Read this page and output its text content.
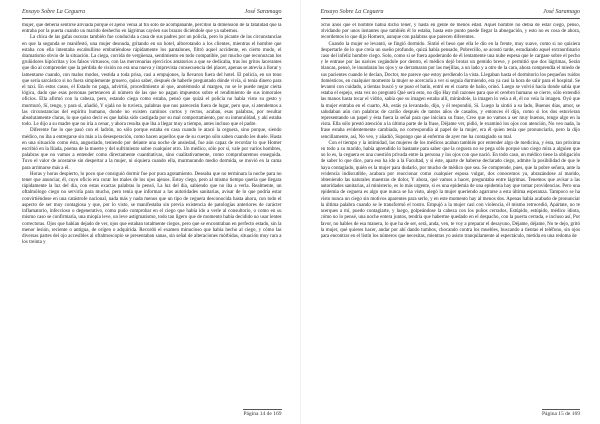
Ensayo Sobre La Ceguera	José Saramago

mujer, que debería sentirse aliviada porque el ajeno venía al fin sólo de acompañante, percibió la dimensión de la fatalidad que la entraba por la puerta cuando un marido deshecho en lágrimas cayóen sus brazos diciéndole que ya sabemos.

La chica de las gafas oscuras también fue conducida a casa de sus padres por un policía, pero lo picante de las circunstancias en que la segunda se manifestó, una mujer desnuda, gritando en un hotel, alborotando a los clientes, mientras el hombre que estaba con ella intentaba escabullirse embutiéndose rápidamente los pantalones, filtró aquel accidente, en cierto modo, el dramatismo obvio de la situación. La ciega, corrida de vergüenza, sentimiento en todo compatible, por mucho que reconozcan los gruñidores hipócritas y los falsos virtuosos, con las mercenarias ejercicios amatorios a que se dedicaba, tras los gritos lacerantes que dio al comprender que la pérdida de visión no era una nueva y imprevista consecuencia del placer, apenas se atrevía a llorar y lamentarse cuando, con malos modos, vestida a toda prisa, casi a empujones, la llevaron fuera del hotel. El policía, en un tono que sería sarcástico si no fuera simplemente grosero, quiso saber, después de haberle preguntado dónde vivía, si tenía dinero para el taxi. En estos casos, el Estado no paga, advirtió, procedimiento al que, anotémoslo al margen, no se le puede negar cierta lógica, dado que esas personas pertenecen al número de las que no pagan impuestos sobre el rendimiento de sus inmorales oficios. Ella afirmó con la cabeza, pero, estando ciega como estaba, pensó que quizá el policía no había visto su gesto y murmuró, Sí, tengo, y para sí, añadió, Y ojalá no lo tuviera, palabras que nos parecerán fuera de lugar, pero que, si atendemos a las circunstancias del espíritu humano, donde no existen caminos cortos y rectos, acaban, esas palabras, por resultar absolutamente claras, lo que quiso decir es que había sido castigada por su mal comportamiento, por su inmoralidad, y ahí estaba todo. Le dijo a su madre que no iría a cenar, y ahora resulta que iba a llegar muy a tiempo, antes incluso que el padre.

Diferente fue lo que pasó con el ladrón, no sólo porque estaba en casa cuando le atacó la ceguera, sino porque, siendo médico, no iba a entregarse sin más a la desesperación, como hacen aquellos que de su cuerpo sólo saben cuando les duele. Hasta en una situación como ésta, angustiado, teniendo por delante una noche de ansiedad, fue aún capaz de recordar lo que Homer escribió en la Ilíada, poema de la muerte y del sufrimiento sobre cualquier otro. Un médico, sólo por sí, vale por varios hombres, palabras que no vamos a entender como directamente cuantitativas, sino cualitativamente, como comprobaremos enseguida. Tuvo el valor de acostarse sin despertar a la mujer, ni siquiera cuando ella, murmurando medio dormida, se movió en la cama para arrimarse más a él.

Horas y horas despierto, lo poco que consiguió dormir fue por pura agotamiento. Deseaba que no terminara la noche para no tener que anunciar, él, cuyo oficio era curar los males de los ojos ajenos. Estoy ciego, pero al mismo tiempo quería que llegara rápidamente la luz del día, con estas exactas palabras lo pensó, La luz del día, sabiendo que no iba a verla. Realmente, un oftalmólogo ciego no serviría para mucho, pero tenía que informar a las autoridades sanitarias, avisar de lo que podría estar convirtiéndose en una catástrofe nacional, nada más y nada menos que un tipo de ceguera desconocida hasta ahora, con todo el aspecto de ser muy contagiosa y que, por lo visto, se manifestaba sin previa existencia de patologías anteriores de carácter inflamatorio, infeccioso o degenerativo, como pudo comprobar en el ciego que había ido a verle al consultorio, o como en su mismo caso se confirmaría, una miopía leve, un leve astigmatismo, todo tan ligero que de momento había decidido no usar lentes correctoras. Ojos que habían dejado de ver, ojos que estaban totalmente ciegos, pero que se encontraban en perfecto estado, sin la menor lesión, reciente o antigua, de origen o adquirida. Recordó el examen minucioso que había hecho al ciego, y cómo las diversas partes del ojo accesibles al oftalmoscopio se presentaban sanas, sin señal de alteraciones mórbidas, situación muy rara a los treinta y

Página 14 de 169
Ensayo Sobre La Ceguera	José Saramago

ocho años que el hombre había dicho tener, y hasta en gente de menos edad. Aquel hombre no debía de estar ciego, pensó, olvidando por unos instantes que también él lo estaba, hasta este punto puede llegar la abnegación, y esto no es cosa de ahora, recordemos lo que dijo Homero, aunque con palabras que parecen diferentes.

Cuando la mujer se levantó, se fingió dormido. Sintió el beso que ella le dio en la frente, muy suave, como si no quisiera despertarle de lo que creía un sueño profundo, quizá había pensado, Pobrecillo, se acostó tarde, estudiando aquel extraordinario caso del infeliz hombre ciego. Solo, como si se fuera apoderando de él lentamente una nube espesa que le cargase sobre el pecho y le entrase por las narices cegándole por dentro, el médico dejó brotar un gemido breve, y permitió que dos lágrimas, Serán blancas, pensó, le inundaran los ojos y se derramaran por las mejillas, a un lado y a otro de la cara, ahora comprendía el miedo de sus pacientes cuando le decían, Doctor, me parece que estoy perdiendo la vista. Llegaban hasta el dormitorio los pequeños ruidos domésticos, en cualquier momento la mujer se acercaría a ver si seguía durmiendo, era ya casi la hora de salir para el hospital. Se levantó con cuidado, a tientas buscó y se puso el batín, entró en el cuarto de baño, orinó. Luego se volvió hacia donde sabía que estaba el espejo, esta vez no preguntó Qué será esto, no dijo Hay mil razones para que el cerebro humano se cierre, sólo extendió las manos hasta tocar el vidrio, sabía que su imagen estaba allí, mirándole, la imagen lo veía a él, él no veía la imagen. Oyó que la mujer entraba en el cuarto, Ah, estás ya levantado, dijo, y él respondió, Sí. Luego la sintió a su lado, Buenos días, amor, se saludaban aún con palabras de cariño después de tantos años de casados, y entonces él dijo, como si los dos estuvieran representando un papel y ésta fuera la señal para que iniciara su frase, Creo que no vamos a ser muy buenos, tengo algo en la vista. Ella sólo prestó atención a la última parte de la frase, Déjame ver, pidió, le examinó los ojos con atención, No veo nada, la frase estaba evidentemente cambiada, no correspondía al papel de la mujer, era él quien tenía que pronunciarla, pero la dijo sencillamente, así, No veo, y añadió, Supongo que al enfermo de ayer me ha contagiado su mal.

Con el tiempo y la intimidad, las mujeres de los médicos acaban también por entender algo de medicina, y ésta, tan próxima en todo a su marido, había aprendido lo bastante para saber que la ceguera no se pega sólo porque uno ciego mira a alguien que no lo es, la ceguera es una cuestión privada entre la persona y los ojos con que nació. En todo caso, un médico tiene la obligación de saber lo que dice, para eso ha ido a la Facultad, y si éste, aparte de haberse declarado ciego, admite la posibilidad de que le haya contagiado, quién es la mujer para dudarlo, por mucho de médico que sea. Se comprende, pues, que la pobre señora, ante la evidencia indiscutible, acabara por reaccionar como cualquier esposa vulgar, dos conocemos ya, abrazándose al marido, obteniendo las naturales muestras de dolor, Y ahora, qué vamos a hacer, preguntaba entre lágrimas. Tenemos que avisar a las autoridades sanitarias, al ministerio, es lo más urgente, si es una epidemia de una epidemia hay que tomar providencias. Pero una epidemia de ceguera es algo que nunca se ha visto, alegó la mujer queriendo agarrarse a esta última esperanza. Tampoco se ha visto nunca un ciego sin motivos aparentes para serlo, y en este momento hay al menos dos. Apenas había acabado de pronunciar la última palabra cuando se le transformó el rostro. Empujó a la mujer casi con violencia, él mismo retrocedió, Apártate, no te acerques a mí, puedo contagiarte, y luego, golpeándose la cabeza con los puños cerrados, Estúpido, estúpido, médico idiota, cómo no lo pensé, una noche entera juntos, tendría que haberme quedado en el despacho, con la puerta cerrada, e incluso así, Por favor, no hables de esa manera, lo que ha de ser, será, anda, ven, te voy a preparar el desayuno, Déjame, déjame, No te dejo, gritó la mujer, qué quieres hacer, andar por ahí dando tumbos, chocando contra los muebles, buscando a tientas el teléfono, sin ojos para encontrar en el listín los números que necesitas, mientras yo asisto tranquilamente al espectáculo, metida en una redoma de

Página 15 de 169
